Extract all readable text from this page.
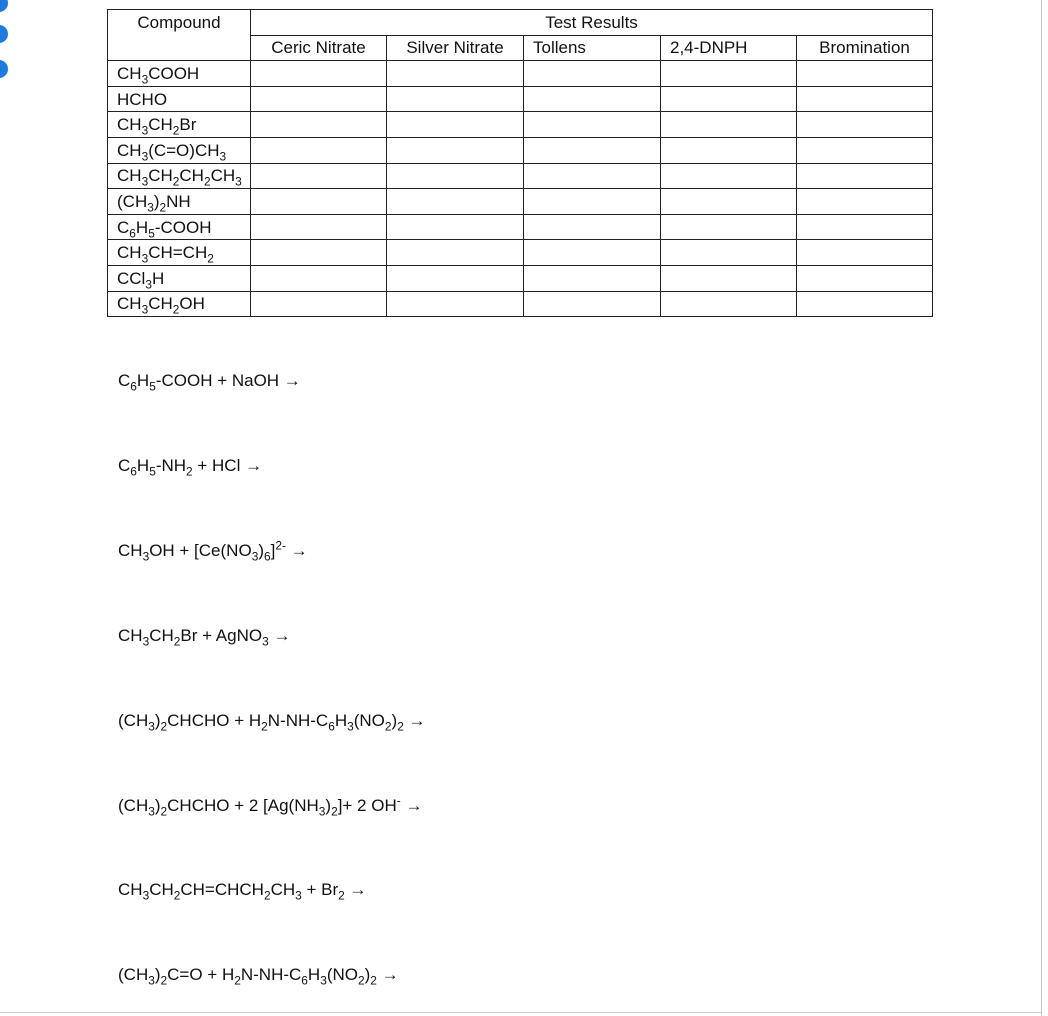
Compound	Test Results				
	Ceric Nitrate	Silver Nitrate	Tollens	2,4-DNPH	Bromination
$CH_3COOH$					
HCHO					
$CH_3CH_2Br$					
$CH_3(C=O)CH_3$					
$CH_3CH_2CH_2CH_3$					
$(CH_3)_2NH$					
$C_6H_5$-COOH					
$CH_3CH=CH_2$					
CCl$_3$H					
$CH_3CH_2OH$					
$C_6H_5$-COOH + NaOH →
$C_6H_5-NH_2$ + HCl →
$CH_3OH + [Ce(NO_3)_6]^{2-}$ →
$CH_3CH_2Br$ + AgNO$_3$ →
$(CH_3)_2CHCHO + H_2N-NH-C_6H_3(NO_2)_2$ →
$(CH_3)_2CHCHO + 2$ $[Ag(NH_3)_2]+ 2$ OH- →
$CH_3CH_2CH=CHCH_2CH_3 + Br_2$ →
$(CH_3)_2C=O + H_2N-NH-C_6H_3(NO_2)_2$ →
